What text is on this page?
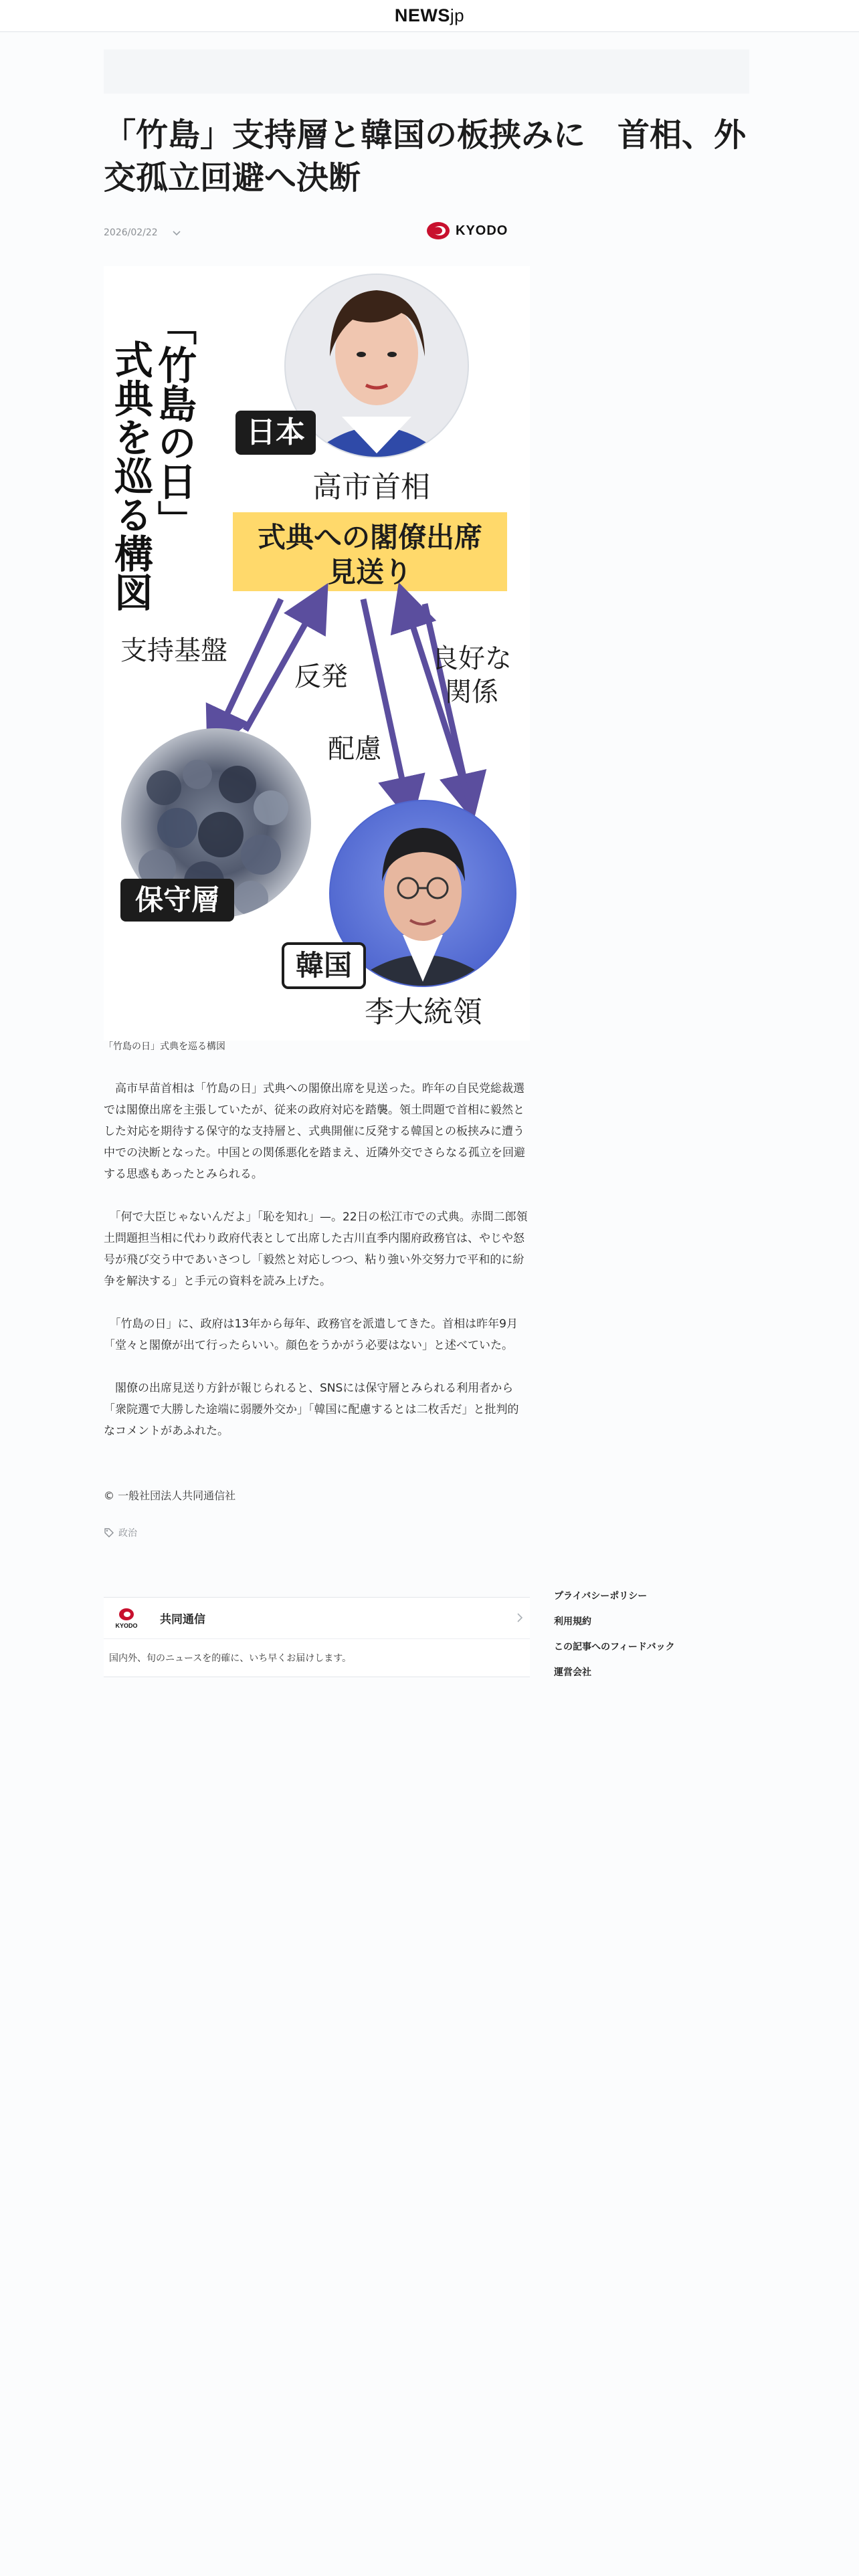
NEWSjp
「竹島」支持層と韓国の板挟みに　首相、外交孤立回避へ決断
2026/02/22	KYODO
「竹島の日」
式典を巡る構図	日本
高市首相
式典への閣僚出席
見送り
支持基盤
反発
良好な
関係
配慮
保守層
韓国
李大統領
「竹島の日」式典を巡る構図

　高市早苗首相は「竹島の日」式典への閣僚出席を見送った。昨年の自民党総裁選では閣僚出席を主張していたが、従来の政府対応を踏襲。領土問題で首相に毅然とした対応を期待する保守的な支持層と、式典開催に反発する韓国との板挟みに遭う中での決断となった。中国との関係悪化を踏まえ、近隣外交でさらなる孤立を回避する思惑もあったとみられる。

　「何で大臣じゃないんだよ」「恥を知れ」—。22日の松江市での式典。赤間二郎領土問題担当相に代わり政府代表として出席した古川直季内閣府政務官は、やじや怒号が飛び交う中であいさつし「毅然と対応しつつ、粘り強い外交努力で平和的に紛争を解決する」と手元の資料を読み上げた。

　「竹島の日」に、政府は13年から毎年、政務官を派遣してきた。首相は昨年9月「堂々と閣僚が出て行ったらいい。顔色をうかがう必要はない」と述べていた。

　閣僚の出席見送り方針が報じられると、SNSには保守層とみられる利用者から「衆院選で大勝した途端に弱腰外交か」「韓国に配慮するとは二枚舌だ」と批判的なコメントがあふれた。

© 一般社団法人共同通信社
政治
KYODO 共同通信
国内外、旬のニュースを的確に、いち早くお届けします。
プライバシーポリシー
利用規約
この記事へのフィードバック
運営会社
